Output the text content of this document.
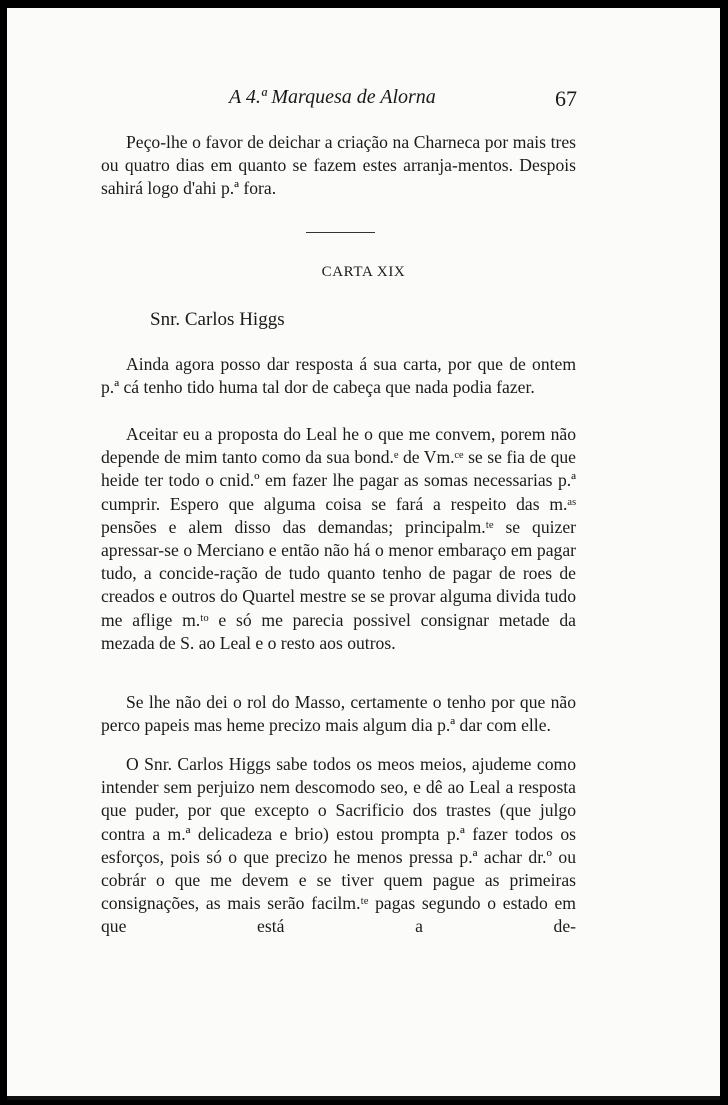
A 4.ª Marquesa de Alorna	67
Peço-lhe o favor de deichar a criação na Charneca por mais tres ou quatro dias em quanto se fazem estes arranja-mentos. Despois sahirá logo d'ahi p.ª fora.
CARTA XIX
Snr. Carlos Higgs
Ainda agora posso dar resposta á sua carta, por que de ontem p.ª cá tenho tido huma tal dor de cabeça que nada podia fazer.
Aceitar eu a proposta do Leal he o que me convem, porem não depende de mim tanto como da sua bond.ᵉ de Vm.ᶜᵉ se se fia de que heide ter todo o cnid.º em fazer lhe pagar as somas necessarias p.ª cumprir. Espero que alguma coisa se fará a respeito das m.ᵃˢ pensões e alem disso das demandas; principalm.ᵗᵉ se quizer apressar-se o Merciano e então não há o menor embaraço em pagar tudo, a concide-ração de tudo quanto tenho de pagar de roes de creados e outros do Quartel mestre se se provar alguma divida tudo me aflige m.ᵗᵒ e só me parecia possivel consignar metade da mezada de S. ao Leal e o resto aos outros.
Se lhe não dei o rol do Masso, certamente o tenho por que não perco papeis mas heme precizo mais algum dia p.ª dar com elle.
O Snr. Carlos Higgs sabe todos os meos meios, ajudeme como intender sem perjuizo nem descomodo seo, e dê ao Leal a resposta que puder, por que excepto o Sacrificio dos trastes (que julgo contra a m.ª delicadeza e brio) estou prompta p.ª fazer todos os esforços, pois só o que precizo he menos pressa p.ª achar dr.º ou cobrár o que me devem e se tiver quem pague as primeiras consignações, as mais serão facilm.ᵗᵉ pagas segundo o estado em que está a de-
